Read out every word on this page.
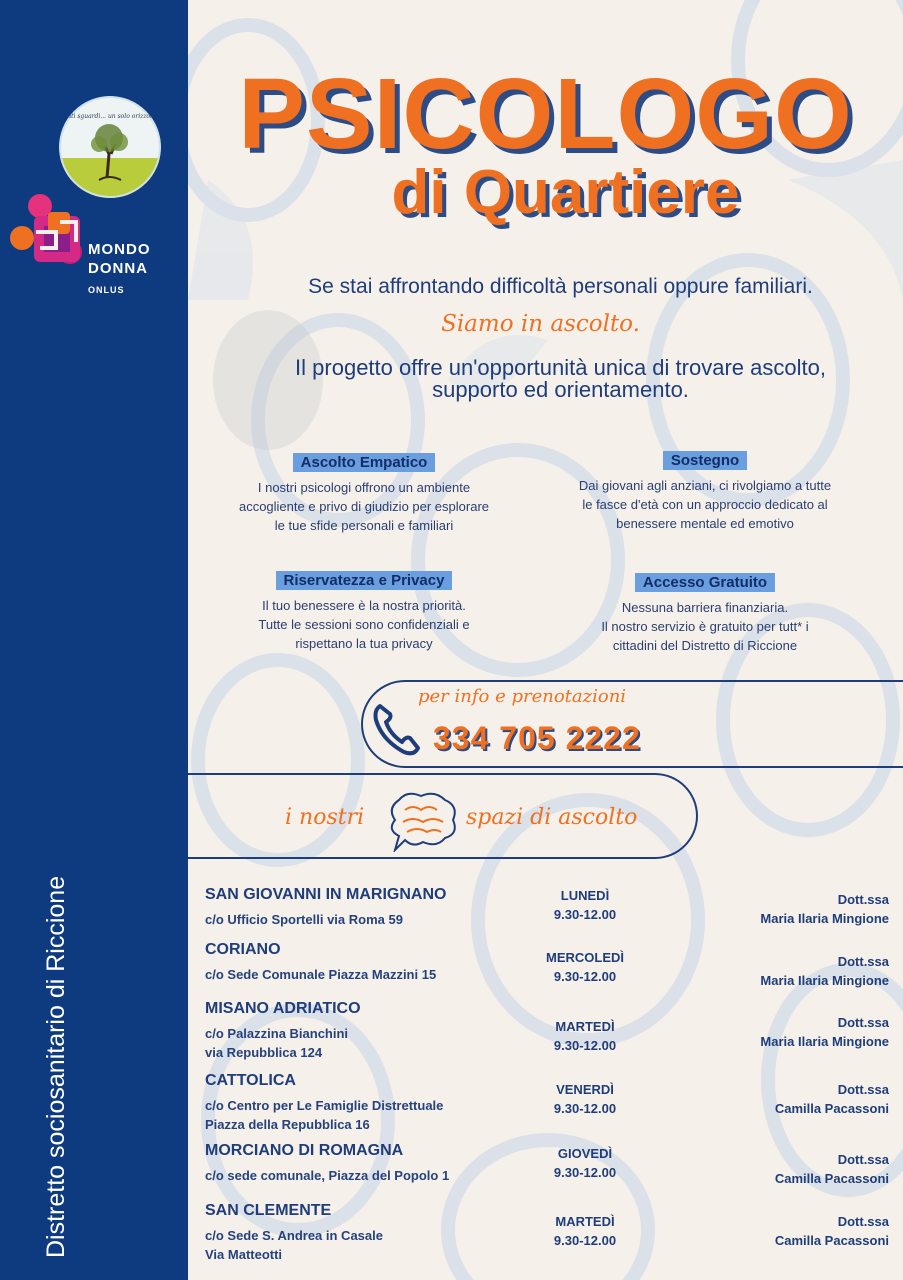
Tanti sguardi... un solo orizzonte
MONDO
DONNA
ONLUS
Distretto sociosanitario di Riccione
PSICOLOGO
di Quartiere
Se stai affrontando difficoltà personali oppure familiari.
Siamo in ascolto.
Il progetto offre un'opportunità unica di trovare ascolto,
supporto ed orientamento.
Ascolto Empatico
I nostri psicologi offrono un ambiente
accogliente e privo di giudizio per esplorare
le tue sfide personali e familiari
Sostegno
Dai giovani agli anziani, ci rivolgiamo a tutte
le fasce d'età con un approccio dedicato al
benessere mentale ed emotivo
Riservatezza e Privacy
Il tuo benessere è la nostra priorità.
Tutte le sessioni sono confidenziali e
rispettano la tua privacy
Accesso Gratuito
Nessuna barriera finanziaria.
Il nostro servizio è gratuito per tutt* i
cittadini del Distretto di Riccione
per info e prenotazioni
334 705 2222
i nostri	spazi di ascolto
SAN GIOVANNI IN MARIGNANO
c/o Ufficio Sportelli via Roma 59
LUNEDÌ
9.30-12.00
Dott.ssa
Maria Ilaria Mingione
CORIANO
c/o Sede Comunale Piazza Mazzini 15
MERCOLEDÌ
9.30-12.00
Dott.ssa
Maria Ilaria Mingione
MISANO ADRIATICO
c/o Palazzina Bianchini
via Repubblica 124
MARTEDÌ
9.30-12.00
Dott.ssa
Maria Ilaria Mingione
CATTOLICA
c/o Centro per Le Famiglie Distrettuale
Piazza della Repubblica 16
VENERDÌ
9.30-12.00
Dott.ssa
Camilla Pacassoni
MORCIANO DI ROMAGNA
c/o sede comunale, Piazza del Popolo 1
GIOVEDÌ
9.30-12.00
Dott.ssa
Camilla Pacassoni
SAN CLEMENTE
c/o Sede S. Andrea in Casale
Via Matteotti
MARTEDÌ
9.30-12.00
Dott.ssa
Camilla Pacassoni
